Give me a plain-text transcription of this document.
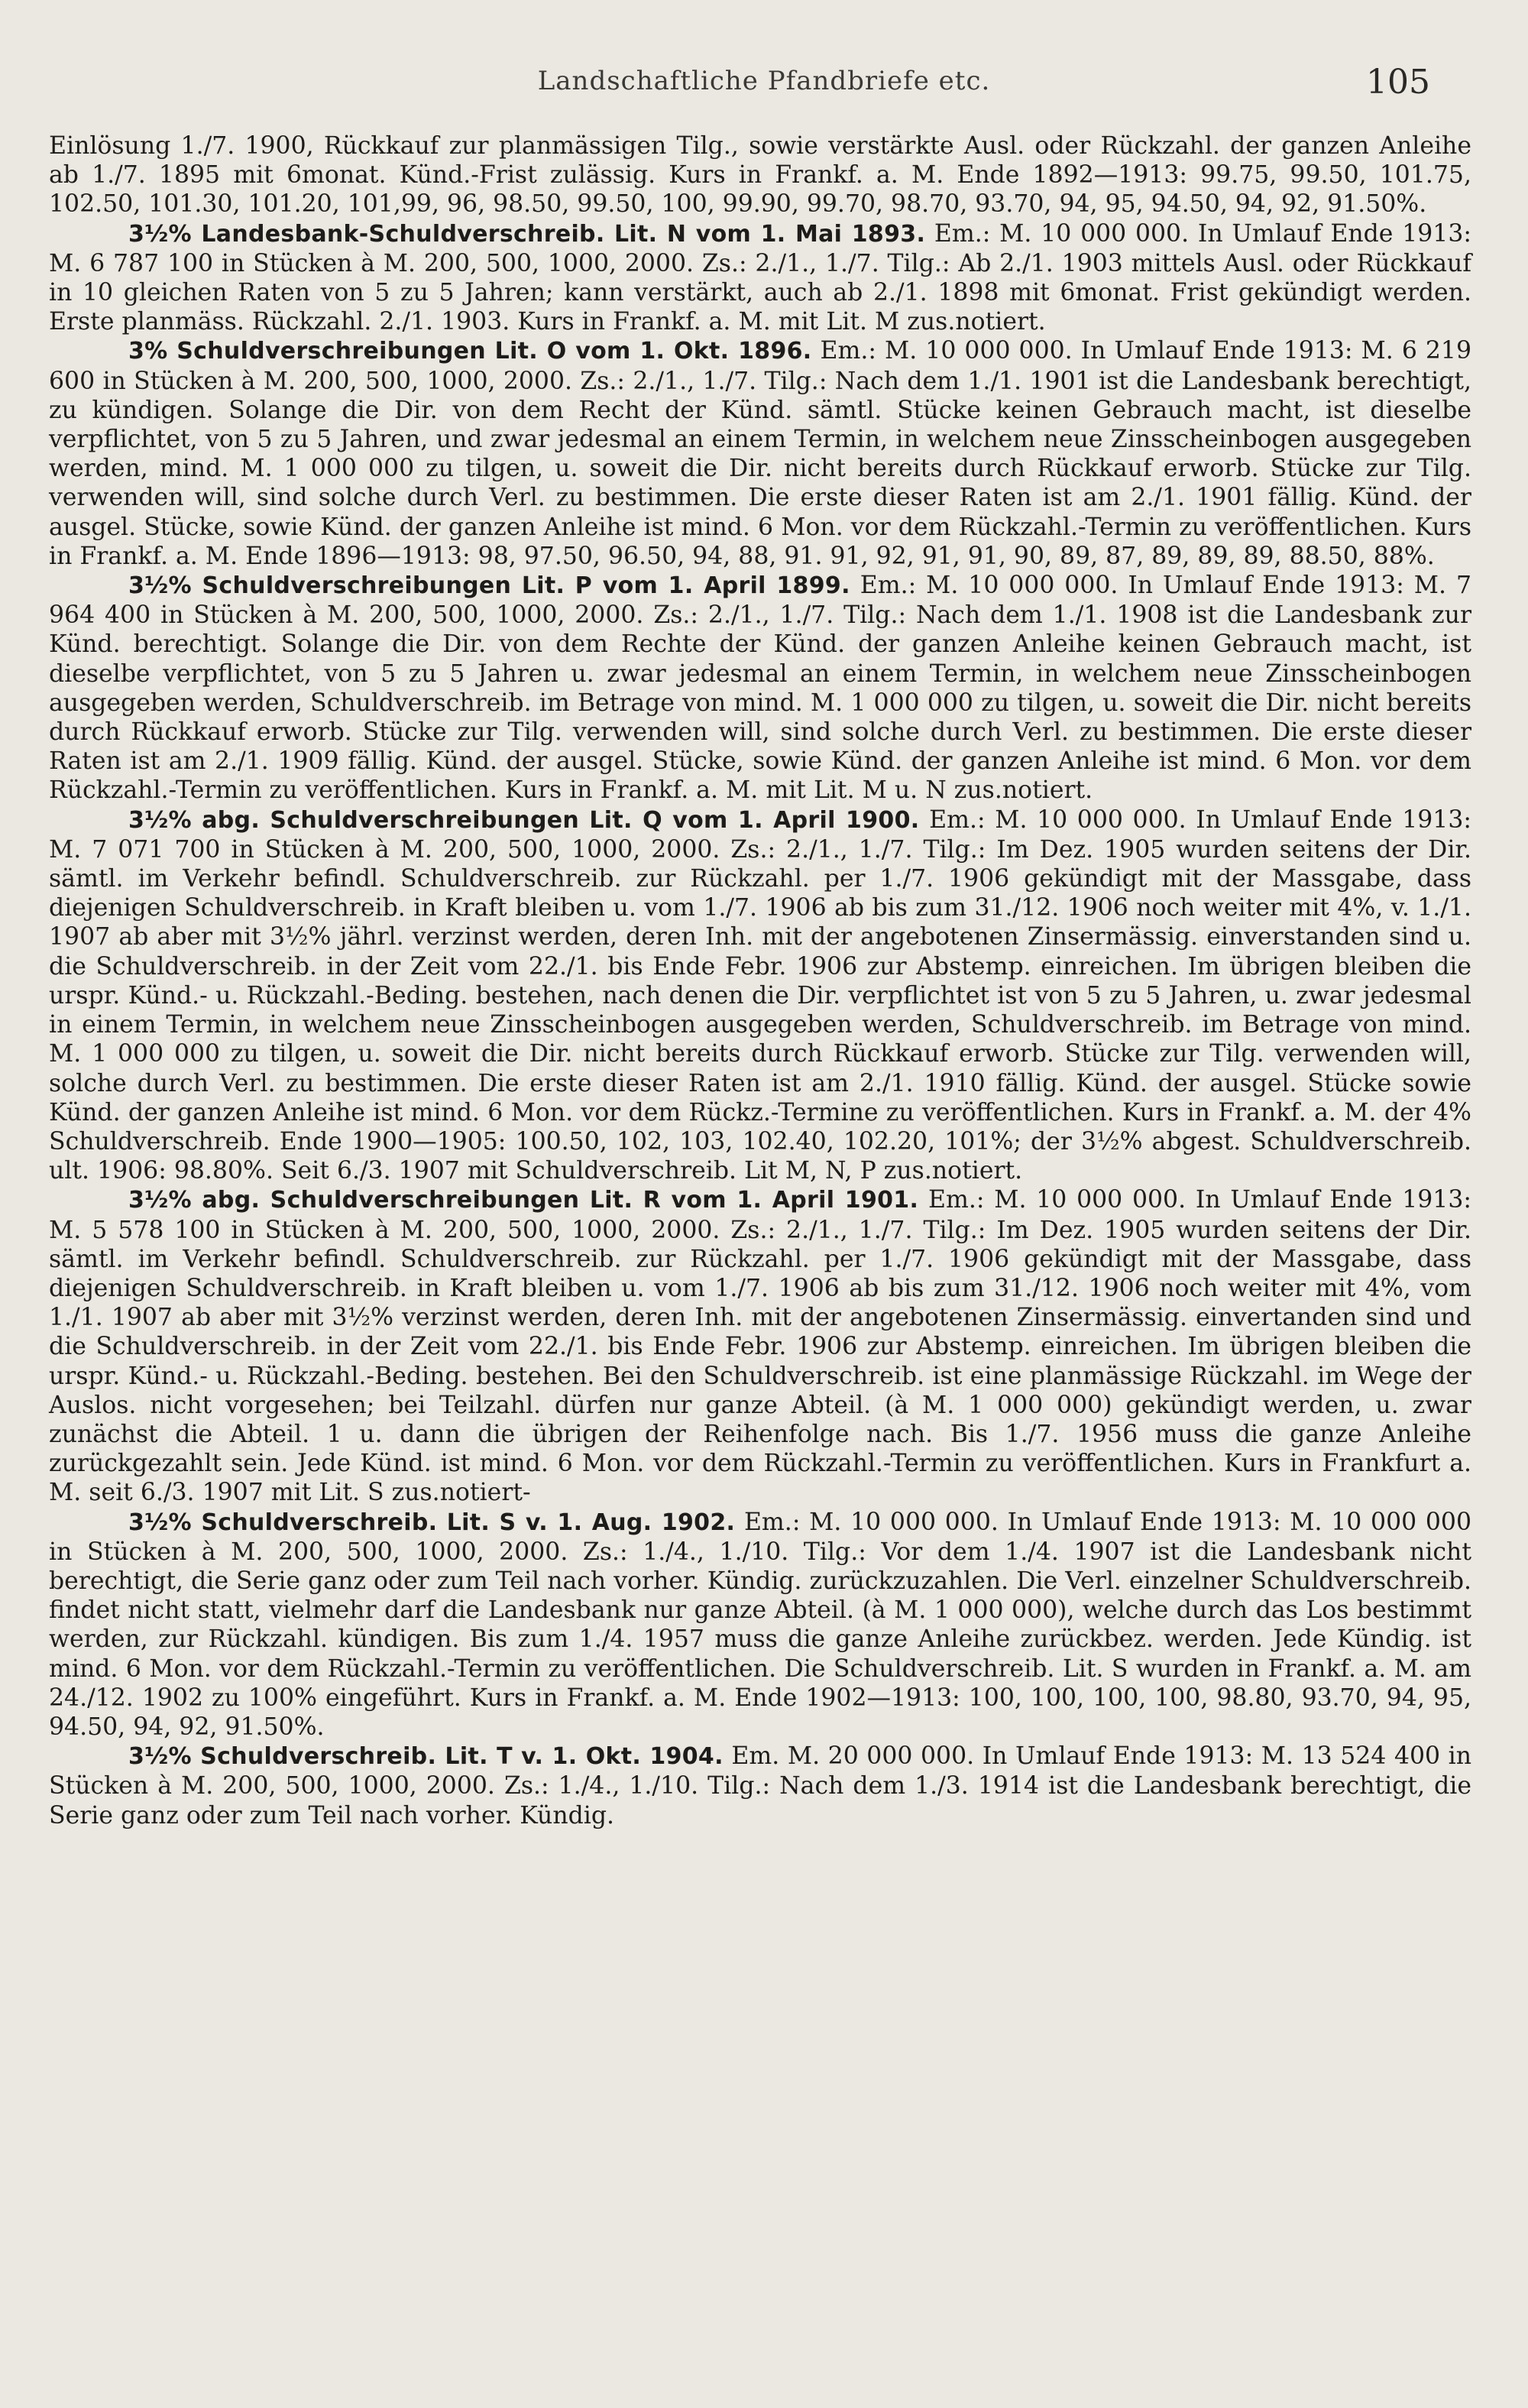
Landschaftliche Pfandbriefe etc.	105

Einlösung 1./7. 1900, Rückkauf zur planmässigen Tilg., sowie verstärkte Ausl. oder Rückzahl. der ganzen Anleihe ab 1./7. 1895 mit 6monat. Künd.-Frist zulässig. Kurs in Frankf. a. M. Ende 1892—1913: 99.75, 99.50, 101.75, 102.50, 101.30, 101.20, 101,99, 96, 98.50, 99.50, 100, 99.90, 99.70, 98.70, 93.70, 94, 95, 94.50, 94, 92, 91.50%.

3½% Landesbank-Schuldverschreib. Lit. N vom 1. Mai 1893. Em.: M. 10 000 000. In Umlauf Ende 1913: M. 6 787 100 in Stücken à M. 200, 500, 1000, 2000. Zs.: 2./1., 1./7. Tilg.: Ab 2./1. 1903 mittels Ausl. oder Rückkauf in 10 gleichen Raten von 5 zu 5 Jahren; kann verstärkt, auch ab 2./1. 1898 mit 6monat. Frist gekündigt werden. Erste planmäss. Rückzahl. 2./1. 1903. Kurs in Frankf. a. M. mit Lit. M zus.notiert.

3% Schuldverschreibungen Lit. O vom 1. Okt. 1896. Em.: M. 10 000 000. In Umlauf Ende 1913: M. 6 219 600 in Stücken à M. 200, 500, 1000, 2000. Zs.: 2./1., 1./7. Tilg.: Nach dem 1./1. 1901 ist die Landesbank berechtigt, zu kündigen. Solange die Dir. von dem Recht der Künd. sämtl. Stücke keinen Gebrauch macht, ist dieselbe verpflichtet, von 5 zu 5 Jahren, und zwar jedesmal an einem Termin, in welchem neue Zinsscheinbogen ausgegeben werden, mind. M. 1 000 000 zu tilgen, u. soweit die Dir. nicht bereits durch Rückkauf erworb. Stücke zur Tilg. verwenden will, sind solche durch Verl. zu bestimmen. Die erste dieser Raten ist am 2./1. 1901 fällig. Künd. der ausgel. Stücke, sowie Künd. der ganzen Anleihe ist mind. 6 Mon. vor dem Rückzahl.-Termin zu veröffentlichen. Kurs in Frankf. a. M. Ende 1896—1913: 98, 97.50, 96.50, 94, 88, 91. 91, 92, 91, 91, 90, 89, 87, 89, 89, 89, 88.50, 88%.

3½% Schuldverschreibungen Lit. P vom 1. April 1899. Em.: M. 10 000 000. In Umlauf Ende 1913: M. 7 964 400 in Stücken à M. 200, 500, 1000, 2000. Zs.: 2./1., 1./7. Tilg.: Nach dem 1./1. 1908 ist die Landesbank zur Künd. berechtigt. Solange die Dir. von dem Rechte der Künd. der ganzen Anleihe keinen Gebrauch macht, ist dieselbe verpflichtet, von 5 zu 5 Jahren u. zwar jedesmal an einem Termin, in welchem neue Zinsscheinbogen ausgegeben werden, Schuldverschreib. im Betrage von mind. M. 1 000 000 zu tilgen, u. soweit die Dir. nicht bereits durch Rückkauf erworb. Stücke zur Tilg. verwenden will, sind solche durch Verl. zu bestimmen. Die erste dieser Raten ist am 2./1. 1909 fällig. Künd. der ausgel. Stücke, sowie Künd. der ganzen Anleihe ist mind. 6 Mon. vor dem Rückzahl.-Termin zu veröffentlichen. Kurs in Frankf. a. M. mit Lit. M u. N zus.notiert.

3½% abg. Schuldverschreibungen Lit. Q vom 1. April 1900. Em.: M. 10 000 000. In Umlauf Ende 1913: M. 7 071 700 in Stücken à M. 200, 500, 1000, 2000. Zs.: 2./1., 1./7. Tilg.: Im Dez. 1905 wurden seitens der Dir. sämtl. im Verkehr befindl. Schuldverschreib. zur Rückzahl. per 1./7. 1906 gekündigt mit der Massgabe, dass diejenigen Schuldverschreib. in Kraft bleiben u. vom 1./7. 1906 ab bis zum 31./12. 1906 noch weiter mit 4%, v. 1./1. 1907 ab aber mit 3½% jährl. verzinst werden, deren Inh. mit der angebotenen Zinsermässig. einverstanden sind u. die Schuldverschreib. in der Zeit vom 22./1. bis Ende Febr. 1906 zur Abstemp. einreichen. Im übrigen bleiben die urspr. Künd.- u. Rückzahl.-Beding. bestehen, nach denen die Dir. verpflichtet ist von 5 zu 5 Jahren, u. zwar jedesmal in einem Termin, in welchem neue Zinsscheinbogen ausgegeben werden, Schuldverschreib. im Betrage von mind. M. 1 000 000 zu tilgen, u. soweit die Dir. nicht bereits durch Rückkauf erworb. Stücke zur Tilg. verwenden will, solche durch Verl. zu bestimmen. Die erste dieser Raten ist am 2./1. 1910 fällig. Künd. der ausgel. Stücke sowie Künd. der ganzen Anleihe ist mind. 6 Mon. vor dem Rückz.-Termine zu veröffentlichen. Kurs in Frankf. a. M. der 4% Schuldverschreib. Ende 1900—1905: 100.50, 102, 103, 102.40, 102.20, 101%; der 3½% abgest. Schuldverschreib. ult. 1906: 98.80%. Seit 6./3. 1907 mit Schuldverschreib. Lit M, N, P zus.notiert.

3½% abg. Schuldverschreibungen Lit. R vom 1. April 1901. Em.: M. 10 000 000. In Umlauf Ende 1913: M. 5 578 100 in Stücken à M. 200, 500, 1000, 2000. Zs.: 2./1., 1./7. Tilg.: Im Dez. 1905 wurden seitens der Dir. sämtl. im Verkehr befindl. Schuldverschreib. zur Rückzahl. per 1./7. 1906 gekündigt mit der Massgabe, dass diejenigen Schuldverschreib. in Kraft bleiben u. vom 1./7. 1906 ab bis zum 31./12. 1906 noch weiter mit 4%, vom 1./1. 1907 ab aber mit 3½% verzinst werden, deren Inh. mit der angebotenen Zinsermässig. einvertanden sind und die Schuldverschreib. in der Zeit vom 22./1. bis Ende Febr. 1906 zur Abstemp. einreichen. Im übrigen bleiben die urspr. Künd.- u. Rückzahl.-Beding. bestehen. Bei den Schuldverschreib. ist eine planmässige Rückzahl. im Wege der Auslos. nicht vorgesehen; bei Teilzahl. dürfen nur ganze Abteil. (à M. 1 000 000) gekündigt werden, u. zwar zunächst die Abteil. 1 u. dann die übrigen der Reihenfolge nach. Bis 1./7. 1956 muss die ganze Anleihe zurückgezahlt sein. Jede Künd. ist mind. 6 Mon. vor dem Rückzahl.-Termin zu veröffentlichen. Kurs in Frankfurt a. M. seit 6./3. 1907 mit Lit. S zus.notiert-

3½% Schuldverschreib. Lit. S v. 1. Aug. 1902. Em.: M. 10 000 000. In Umlauf Ende 1913: M. 10 000 000 in Stücken à M. 200, 500, 1000, 2000. Zs.: 1./4., 1./10. Tilg.: Vor dem 1./4. 1907 ist die Landesbank nicht berechtigt, die Serie ganz oder zum Teil nach vorher. Kündig. zurückzuzahlen. Die Verl. einzelner Schuldverschreib. findet nicht statt, vielmehr darf die Landesbank nur ganze Abteil. (à M. 1 000 000), welche durch das Los bestimmt werden, zur Rückzahl. kündigen. Bis zum 1./4. 1957 muss die ganze Anleihe zurückbez. werden. Jede Kündig. ist mind. 6 Mon. vor dem Rückzahl.-Termin zu veröffentlichen. Die Schuldverschreib. Lit. S wurden in Frankf. a. M. am 24./12. 1902 zu 100% eingeführt. Kurs in Frankf. a. M. Ende 1902—1913: 100, 100, 100, 100, 98.80, 93.70, 94, 95, 94.50, 94, 92, 91.50%.

3½% Schuldverschreib. Lit. T v. 1. Okt. 1904. Em. M. 20 000 000. In Umlauf Ende 1913: M. 13 524 400 in Stücken à M. 200, 500, 1000, 2000. Zs.: 1./4., 1./10. Tilg.: Nach dem 1./3. 1914 ist die Landesbank berechtigt, die Serie ganz oder zum Teil nach vorher. Kündig.
